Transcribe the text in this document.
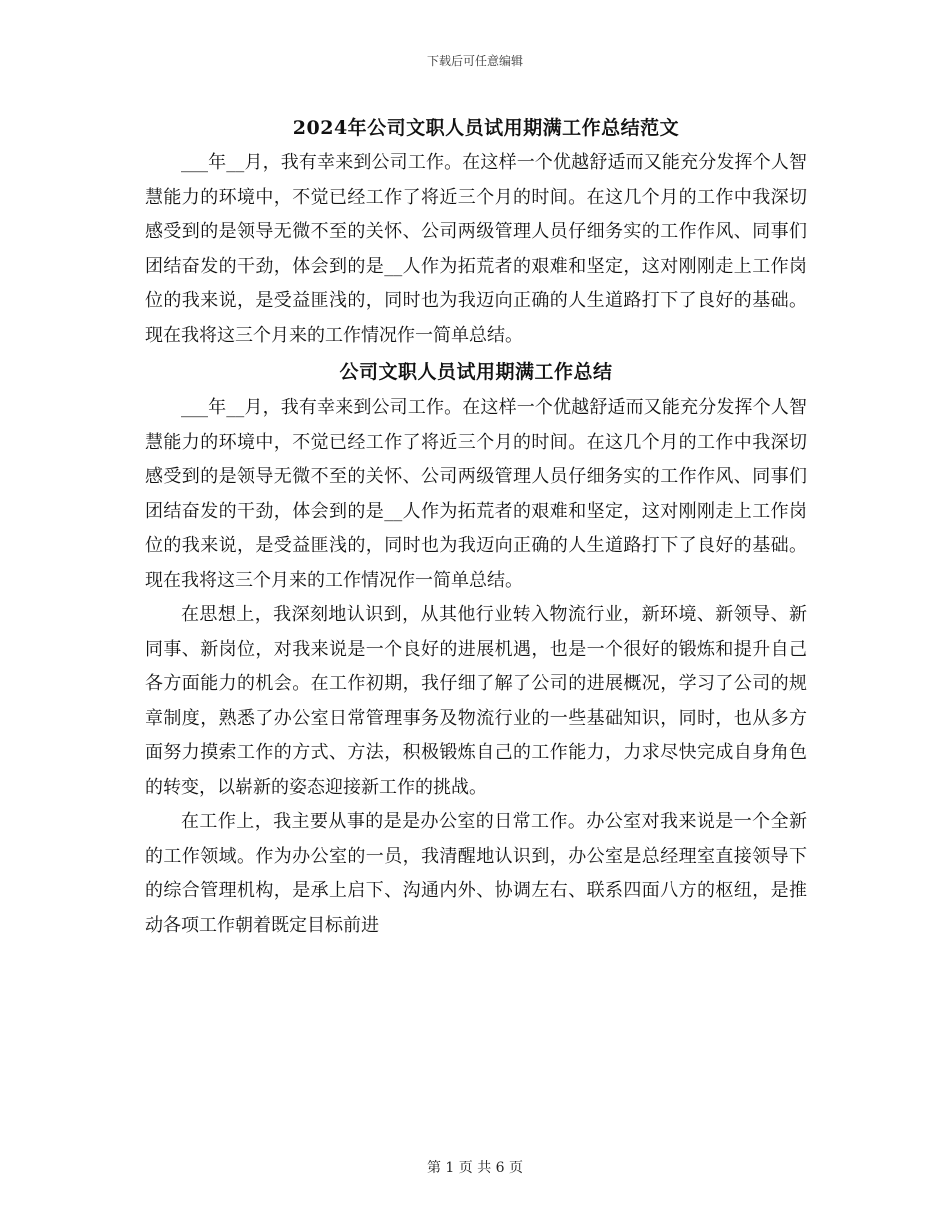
下载后可任意编辑
2024年公司文职人员试用期满工作总结范文

___年__月，我有幸来到公司工作。在这样一个优越舒适而又能充分发挥个人智慧能力的环境中，不觉已经工作了将近三个月的时间。在这几个月的工作中我深切感受到的是领导无微不至的关怀、公司两级管理人员仔细务实的工作作风、同事们团结奋发的干劲，体会到的是__人作为拓荒者的艰难和坚定，这对刚刚走上工作岗位的我来说，是受益匪浅的，同时也为我迈向正确的人生道路打下了良好的基础。现在我将这三个月来的工作情况作一简单总结。

公司文职人员试用期满工作总结

___年__月，我有幸来到公司工作。在这样一个优越舒适而又能充分发挥个人智慧能力的环境中，不觉已经工作了将近三个月的时间。在这几个月的工作中我深切感受到的是领导无微不至的关怀、公司两级管理人员仔细务实的工作作风、同事们团结奋发的干劲，体会到的是__人作为拓荒者的艰难和坚定，这对刚刚走上工作岗位的我来说，是受益匪浅的，同时也为我迈向正确的人生道路打下了良好的基础。现在我将这三个月来的工作情况作一简单总结。

在思想上，我深刻地认识到，从其他行业转入物流行业，新环境、新领导、新同事、新岗位，对我来说是一个良好的进展机遇，也是一个很好的锻炼和提升自己各方面能力的机会。在工作初期，我仔细了解了公司的进展概况，学习了公司的规章制度，熟悉了办公室日常管理事务及物流行业的一些基础知识，同时，也从多方面努力摸索工作的方式、方法，积极锻炼自己的工作能力，力求尽快完成自身角色的转变，以崭新的姿态迎接新工作的挑战。

在工作上，我主要从事的是是办公室的日常工作。办公室对我来说是一个全新的工作领域。作为办公室的一员，我清醒地认识到，办公室是总经理室直接领导下的综合管理机构，是承上启下、沟通内外、协调左右、联系四面八方的枢纽，是推动各项工作朝着既定目标前进

第 1 页 共 6 页
